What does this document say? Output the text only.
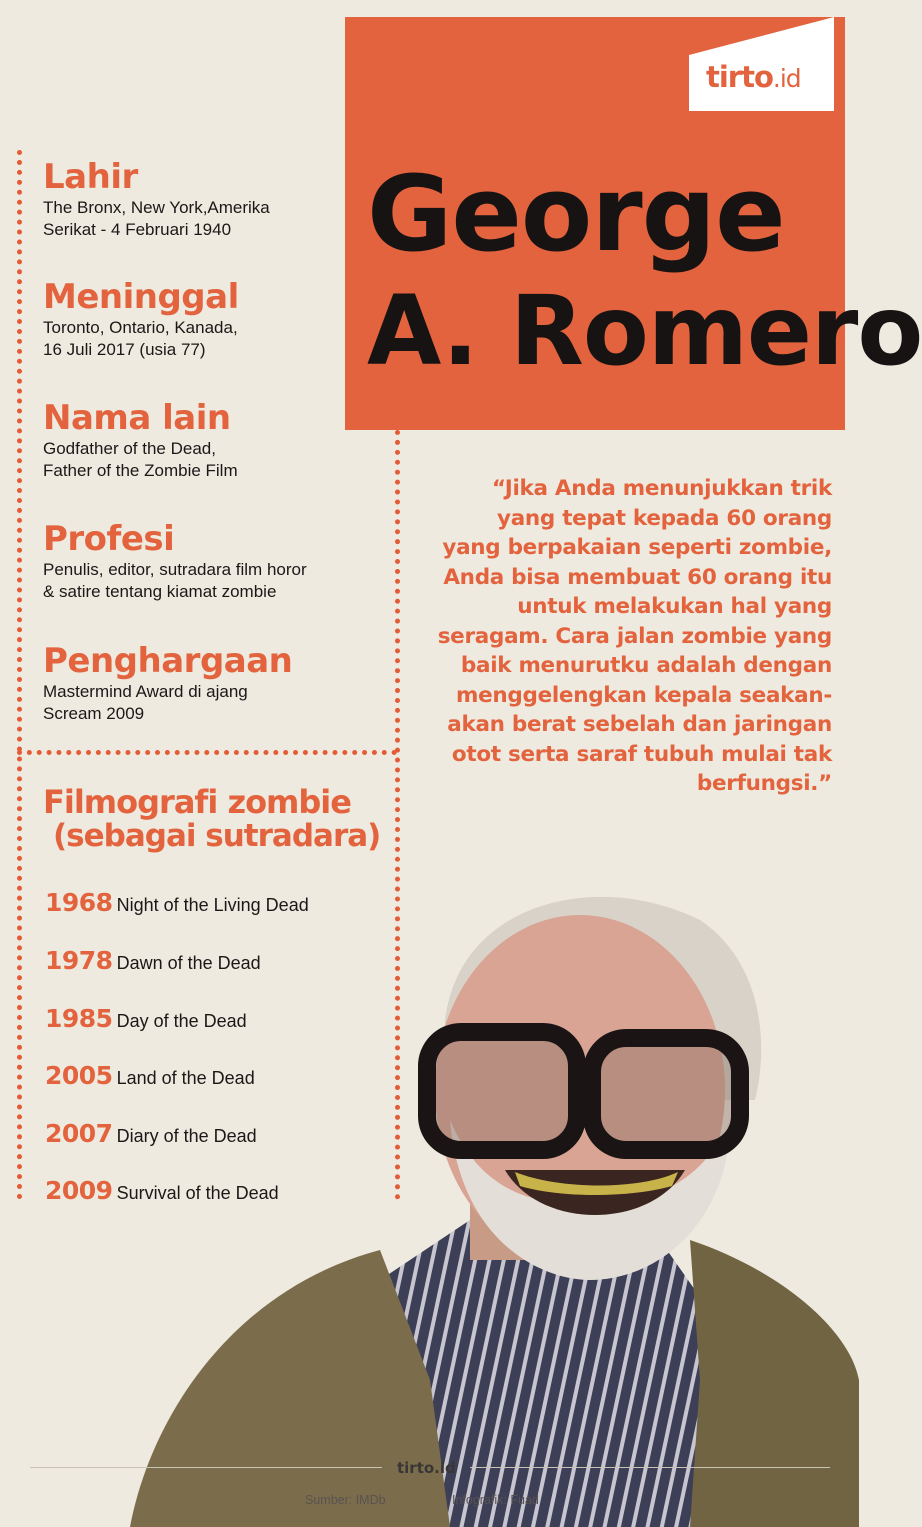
George
A. Romero
tirto.id
Lahir

The Bronx, New York,Amerika

Serikat - 4 Februari 1940

Meninggal

Toronto, Ontario, Kanada,

16 Juli 2017 (usia 77)

Nama lain

Godfather of the Dead,

Father of the Zombie Film

Profesi

Penulis, editor, sutradara film horor

& satire tentang kiamat zombie

Penghargaan

Mastermind Award di ajang

Scream 2009

Filmografi zombie
(sebagai sutradara)
1968 Night of the Living Dead
1978 Dawn of the Dead
1985 Day of the Dead
2005 Land of the Dead
2007 Diary of the Dead
2009 Survival of the Dead
“Jika Anda menunjukkan trik
yang tepat kepada 60 orang
yang berpakaian seperti zombie,
Anda bisa membuat 60 orang itu
untuk melakukan hal yang
seragam. Cara jalan zombie yang
baik menurutku adalah dengan
menggelengkan kepala seakan-
akan berat sebelah dan jaringan
otot serta saraf tubuh mulai tak
berfungsi.”
tirto.id
Sumber: IMDb	Infografik: Fuad
